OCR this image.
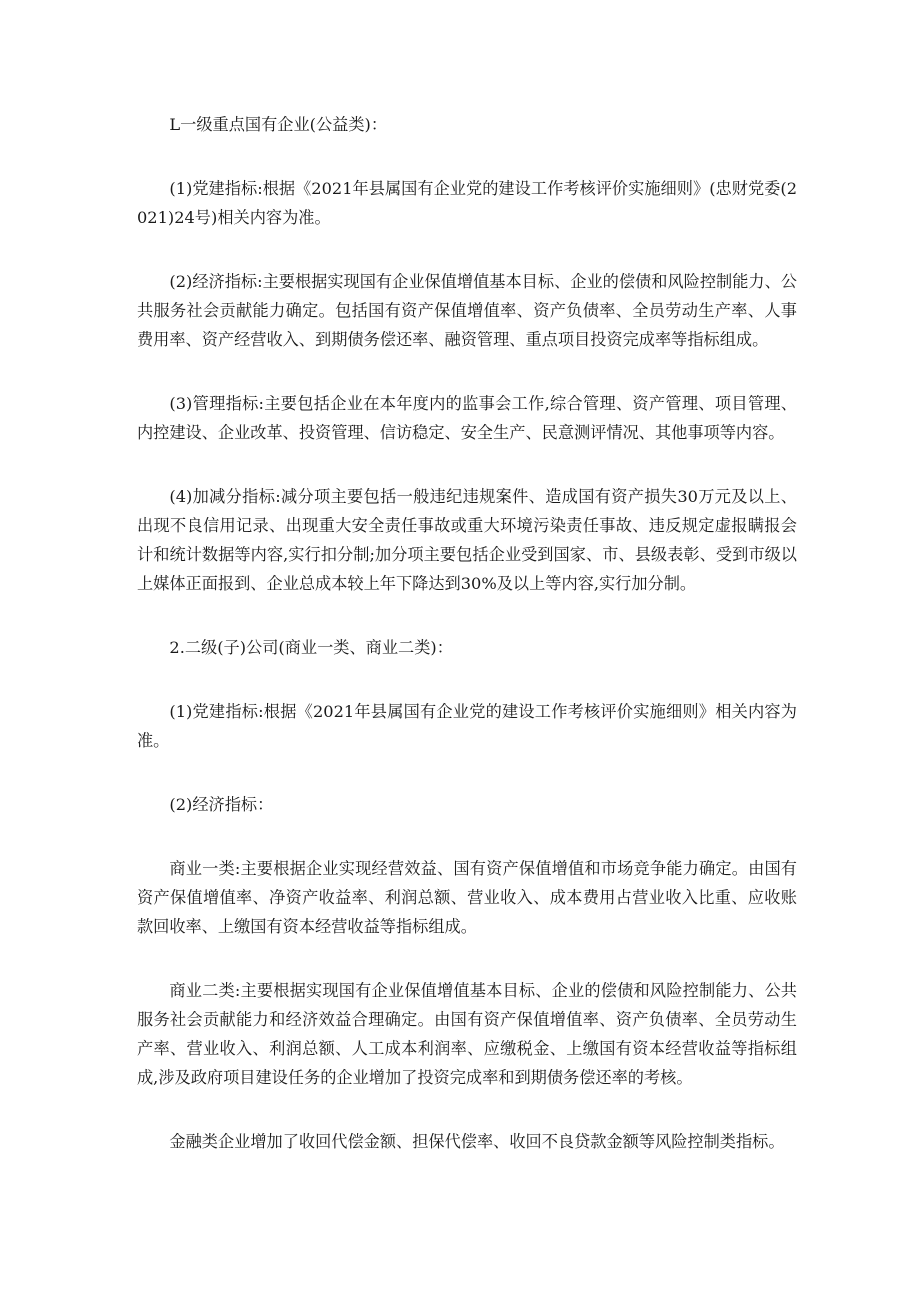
L一级重点国有企业(公益类)：

(1)党建指标:根据《2021年县属国有企业党的建设工作考核评价实施细则》(忠财党委(2021)24号)相关内容为准。

(2)经济指标:主要根据实现国有企业保值增值基本目标、企业的偿债和风险控制能力、公共服务社会贡献能力确定。包括国有资产保值增值率、资产负债率、全员劳动生产率、人事费用率、资产经营收入、到期债务偿还率、融资管理、重点项目投资完成率等指标组成。

(3)管理指标:主要包括企业在本年度内的监事会工作,综合管理、资产管理、项目管理、内控建设、企业改革、投资管理、信访稳定、安全生产、民意测评情况、其他事项等内容。

(4)加减分指标:减分项主要包括一般违纪违规案件、造成国有资产损失30万元及以上、出现不良信用记录、出现重大安全责任事故或重大环境污染责任事故、违反规定虚报瞒报会计和统计数据等内容,实行扣分制;加分项主要包括企业受到国家、市、县级表彰、受到市级以上媒体正面报到、企业总成本较上年下降达到30%及以上等内容,实行加分制。

2.二级(子)公司(商业一类、商业二类)：

(1)党建指标:根据《2021年县属国有企业党的建设工作考核评价实施细则》相关内容为准。

(2)经济指标：

商业一类:主要根据企业实现经营效益、国有资产保值增值和市场竞争能力确定。由国有资产保值增值率、净资产收益率、利润总额、营业收入、成本费用占营业收入比重、应收账款回收率、上缴国有资本经营收益等指标组成。

商业二类:主要根据实现国有企业保值增值基本目标、企业的偿债和风险控制能力、公共服务社会贡献能力和经济效益合理确定。由国有资产保值增值率、资产负债率、全员劳动生产率、营业收入、利润总额、人工成本利润率、应缴税金、上缴国有资本经营收益等指标组成,涉及政府项目建设任务的企业增加了投资完成率和到期债务偿还率的考核。

金融类企业增加了收回代偿金额、担保代偿率、收回不良贷款金额等风险控制类指标。
